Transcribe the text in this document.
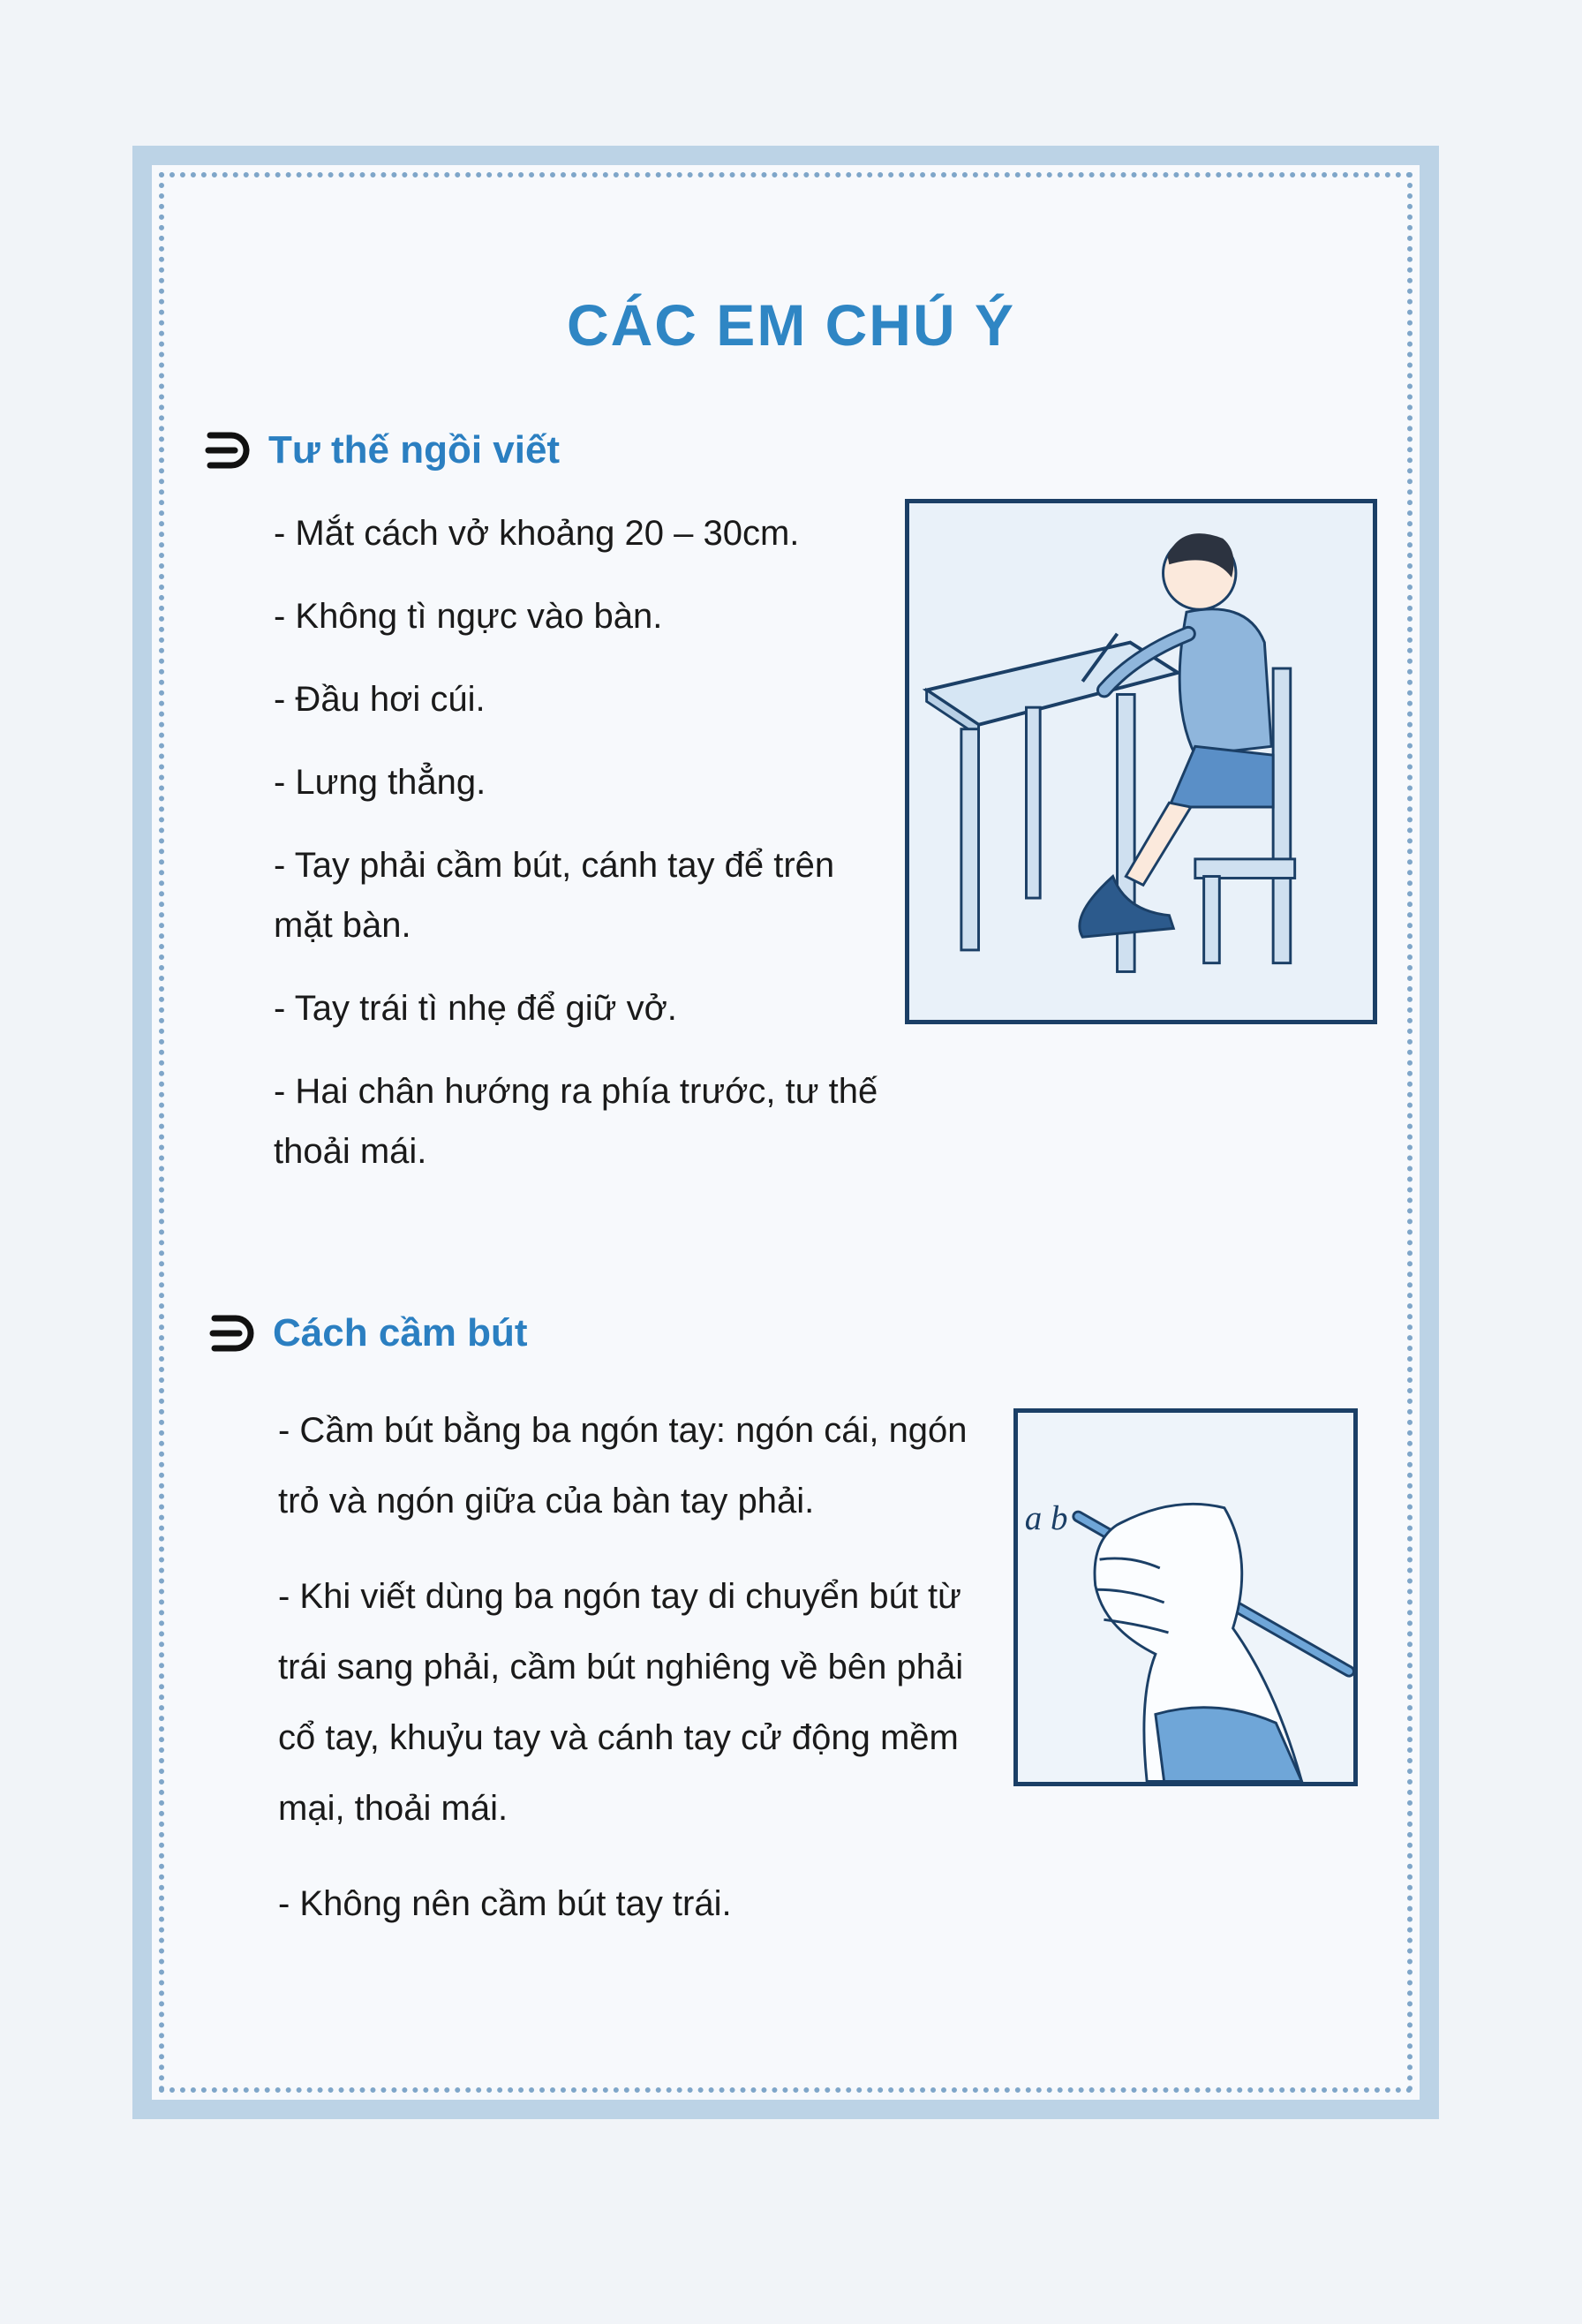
CÁC EM CHÚ Ý
Tư thế ngồi viết
- Mắt cách vở khoảng 20 – 30cm.
- Không tì ngực vào bàn.
- Đầu hơi cúi.
- Lưng thẳng.
- Tay phải cầm bút, cánh tay để trên mặt bàn.
- Tay trái tì nhẹ để giữ vở.
- Hai chân hướng ra phía trước, tư thế thoải mái.
Cách cầm bút
- Cầm bút bằng ba ngón tay: ngón cái, ngón trỏ và ngón giữa của bàn tay phải.
- Khi viết dùng ba ngón tay di chuyển bút từ trái sang phải, cầm bút nghiêng về bên phải cổ tay, khuỷu tay và cánh tay cử động mềm mại, thoải mái.
- Không nên cầm bút tay trái.
a b
